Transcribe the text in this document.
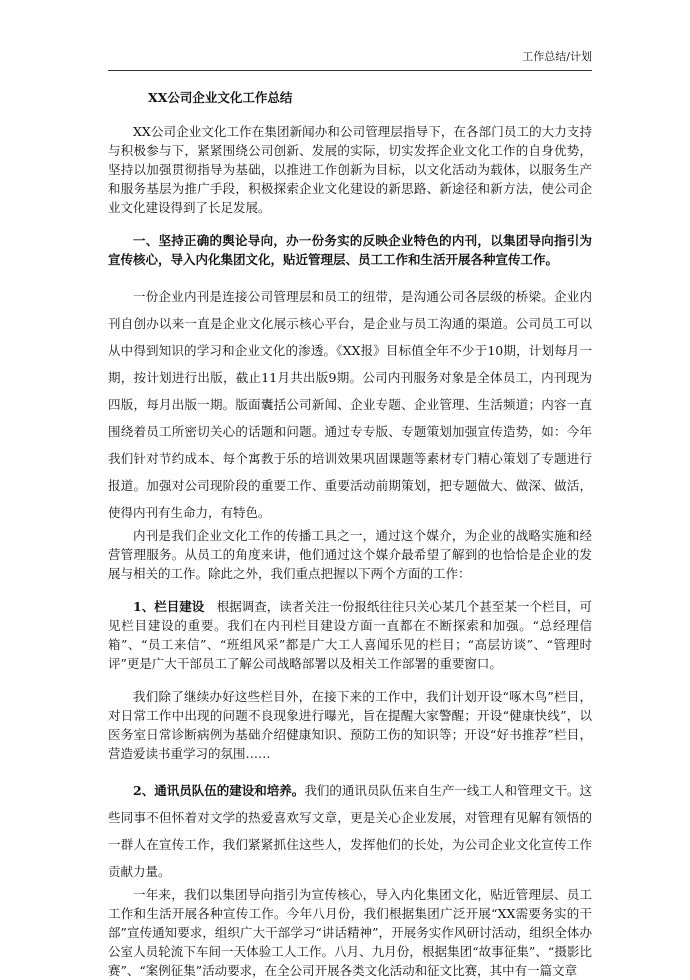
工作总结/计划
XX公司企业文化工作总结

XX公司企业文化工作在集团新闻办和公司管理层指导下，在各部门员工的大力支持与积极参与下，紧紧围绕公司创新、发展的实际，切实发挥企业文化工作的自身优势，坚持以加强贯彻指导为基础，以推进工作创新为目标，以文化活动为载体，以服务生产和服务基层为推广手段，积极探索企业文化建设的新思路、新途径和新方法，使公司企业文化建设得到了长足发展。

一、坚持正确的舆论导向，办一份务实的反映企业特色的内刊，以集团导向指引为宣传核心，导入内化集团文化，贴近管理层、员工工作和生活开展各种宣传工作。

一份企业内刊是连接公司管理层和员工的纽带，是沟通公司各层级的桥梁。企业内刊自创办以来一直是企业文化展示核心平台，是企业与员工沟通的渠道。公司员工可以从中得到知识的学习和企业文化的渗透。《XX报》目标值全年不少于10期，计划每月一期，按计划进行出版，截止11月共出版9期。公司内刊服务对象是全体员工，内刊现为四版，每月出版一期。版面囊括公司新闻、企业专题、企业管理、生活频道；内容一直围绕着员工所密切关心的话题和问题。通过专专版、专题策划加强宣传造势，如：今年我们针对节约成本、每个寓教于乐的培训效果巩固课题等素材专门精心策划了专题进行报道。加强对公司现阶段的重要工作、重要活动前期策划，把专题做大、做深、做活，使得内刊有生命力，有特色。

内刊是我们企业文化工作的传播工具之一，通过这个媒介，为企业的战略实施和经营管理服务。从员工的角度来讲，他们通过这个媒介最希望了解到的也恰恰是企业的发展与相关的工作。除此之外，我们重点把握以下两个方面的工作：

1、栏目建设　根据调查，读者关注一份报纸往往只关心某几个甚至某一个栏目，可见栏目建设的重要。我们在内刊栏目建设方面一直都在不断探索和加强。“总经理信箱”、“员工来信”、“班组风采”都是广大工人喜闻乐见的栏目；“高层访谈”、“管理时评”更是广大干部员工了解公司战略部署以及相关工作部署的重要窗口。

我们除了继续办好这些栏目外，在接下来的工作中，我们计划开设“啄木鸟”栏目，对日常工作中出现的问题不良现象进行曝光，旨在提醒大家警醒；开设“健康快线”，以医务室日常诊断病例为基础介绍健康知识、预防工伤的知识等；开设“好书推荐”栏目，营造爱读书重学习的氛围……

2、通讯员队伍的建设和培养。我们的通讯员队伍来自生产一线工人和管理文干。这些同事不但怀着对文学的热爱喜欢写文章，更是关心企业发展，对管理有见解有领悟的一群人在宣传工作，我们紧紧抓住这些人，发挥他们的长处，为公司企业文化宣传工作贡献力量。

一年来，我们以集团导向指引为宣传核心，导入内化集团文化，贴近管理层、员工工作和生活开展各种宣传工作。今年八月份，我们根据集团广泛开展“XX需要务实的干部”宣传通知要求，组织广大干部学习“讲话精神”，开展务实作风研讨活动，组织全体办公室人员轮流下车间一天体验工人工作。八月、九月份，根据集团“故事征集”、“摄影比赛”、“案例征集”活动要求，在全公司开展各类文化活动和征文比赛，其中有一篇文章
